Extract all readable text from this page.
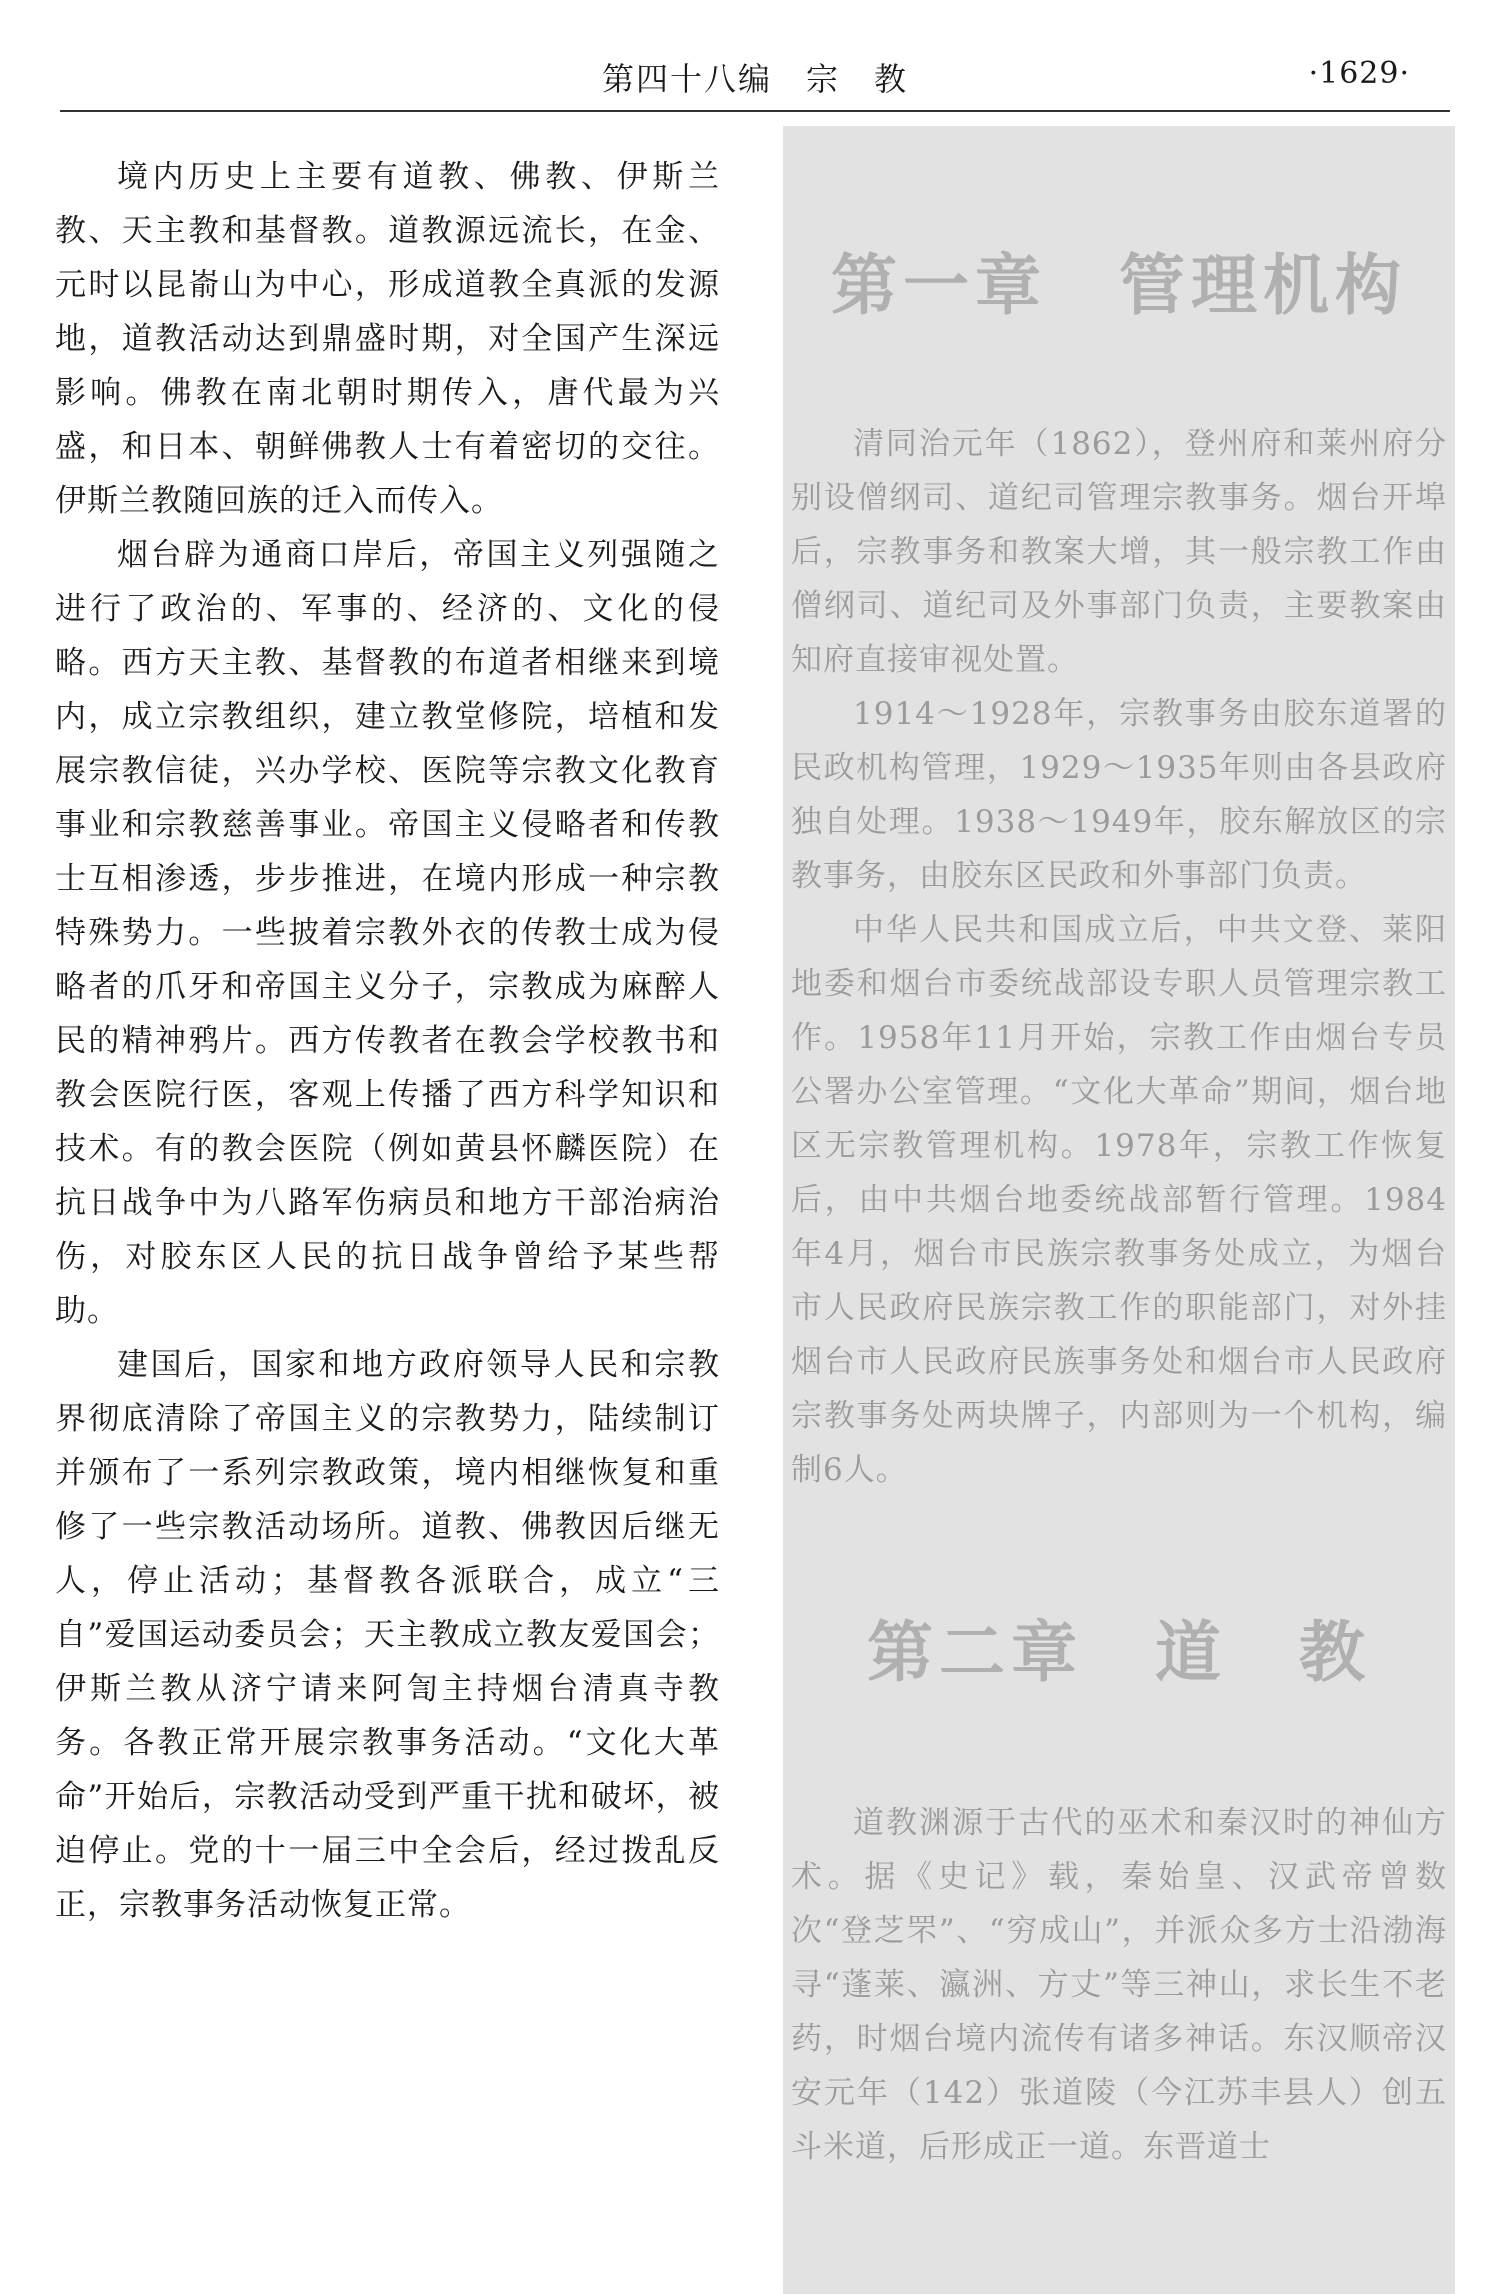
第四十八编　宗　教	·1629·

境内历史上主要有道教、佛教、伊斯兰教、天主教和基督教。道教源远流长，在金、元时以昆嵛山为中心，形成道教全真派的发源地，道教活动达到鼎盛时期，对全国产生深远影响。佛教在南北朝时期传入，唐代最为兴盛，和日本、朝鲜佛教人士有着密切的交往。伊斯兰教随回族的迁入而传入。

烟台辟为通商口岸后，帝国主义列强随之进行了政治的、军事的、经济的、文化的侵略。西方天主教、基督教的布道者相继来到境内，成立宗教组织，建立教堂修院，培植和发展宗教信徒，兴办学校、医院等宗教文化教育事业和宗教慈善事业。帝国主义侵略者和传教士互相渗透，步步推进，在境内形成一种宗教特殊势力。一些披着宗教外衣的传教士成为侵略者的爪牙和帝国主义分子，宗教成为麻醉人民的精神鸦片。西方传教者在教会学校教书和教会医院行医，客观上传播了西方科学知识和技术。有的教会医院（例如黄县怀麟医院）在抗日战争中为八路军伤病员和地方干部治病治伤，对胶东区人民的抗日战争曾给予某些帮助。

建国后，国家和地方政府领导人民和宗教界彻底清除了帝国主义的宗教势力，陆续制订并颁布了一系列宗教政策，境内相继恢复和重修了一些宗教活动场所。道教、佛教因后继无人，停止活动；基督教各派联合，成立“三自”爱国运动委员会；天主教成立教友爱国会；伊斯兰教从济宁请来阿訇主持烟台清真寺教务。各教正常开展宗教事务活动。“文化大革命”开始后，宗教活动受到严重干扰和破坏，被迫停止。党的十一届三中全会后，经过拨乱反正，宗教事务活动恢复正常。

第一章　管理机构

清同治元年（1862），登州府和莱州府分别设僧纲司、道纪司管理宗教事务。烟台开埠后，宗教事务和教案大增，其一般宗教工作由僧纲司、道纪司及外事部门负责，主要教案由知府直接审视处置。

1914～1928年，宗教事务由胶东道署的民政机构管理，1929～1935年则由各县政府独自处理。1938～1949年，胶东解放区的宗教事务，由胶东区民政和外事部门负责。

中华人民共和国成立后，中共文登、莱阳地委和烟台市委统战部设专职人员管理宗教工作。1958年11月开始，宗教工作由烟台专员公署办公室管理。“文化大革命”期间，烟台地区无宗教管理机构。1978年，宗教工作恢复后，由中共烟台地委统战部暂行管理。1984年4月，烟台市民族宗教事务处成立，为烟台市人民政府民族宗教工作的职能部门，对外挂烟台市人民政府民族事务处和烟台市人民政府宗教事务处两块牌子，内部则为一个机构，编制6人。

第二章　道　教

道教渊源于古代的巫术和秦汉时的神仙方术。据《史记》载，秦始皇、汉武帝曾数次“登芝罘”、“穷成山”，并派众多方士沿渤海寻“蓬莱、瀛洲、方丈”等三神山，求长生不老药，时烟台境内流传有诸多神话。东汉顺帝汉安元年（142）张道陵（今江苏丰县人）创五斗米道，后形成正一道。东晋道士
